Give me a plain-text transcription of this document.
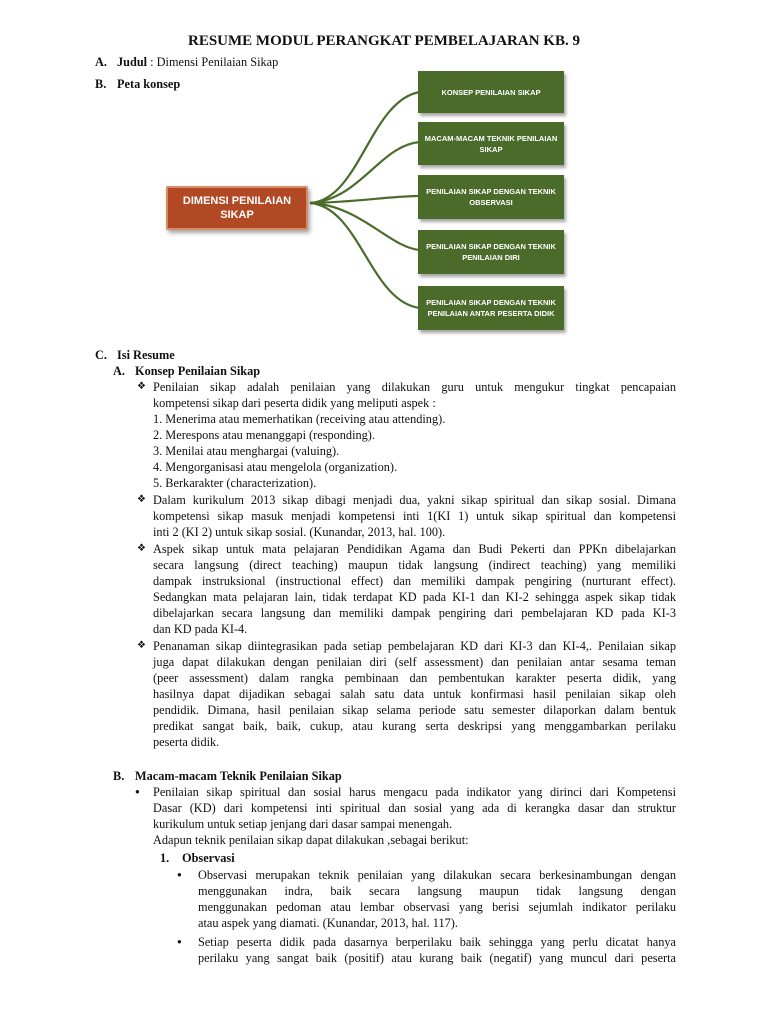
RESUME MODUL PERANGKAT PEMBELAJARAN KB. 9
A. Judul : Dimensi Penilaian Sikap
B. Peta konsep
DIMENSI PENILAIAN SIKAP
KONSEP PENILAIAN SIKAP
MACAM-MACAM TEKNIK PENILAIAN SIKAP
PENILAIAN SIKAP DENGAN TEKNIK OBSERVASI
PENILAIAN SIKAP DENGAN TEKNIK PENILAIAN DIRI
PENILAIAN SIKAP DENGAN TEKNIK PENILAIAN ANTAR PESERTA DIDIK
C. Isi Resume
A. Konsep Penilaian Sikap
❖ Penilaian sikap adalah penilaian yang dilakukan guru untuk mengukur tingkat pencapaian
kompetensi sikap dari peserta didik yang meliputi aspek :
1. Menerima atau memerhatikan (receiving atau attending).
2. Merespons atau menanggapi (responding).
3. Menilai atau menghargai (valuing).
4. Mengorganisasi atau mengelola (organization).
5. Berkarakter (characterization).
❖ Dalam kurikulum 2013 sikap dibagi menjadi dua, yakni sikap spiritual dan sikap sosial. Dimana
kompetensi sikap masuk menjadi kompetensi inti 1(KI 1) untuk sikap spiritual dan kompetensi
inti 2 (KI 2) untuk sikap sosial. (Kunandar, 2013, hal. 100).
❖ Aspek sikap untuk mata pelajaran Pendidikan Agama dan Budi Pekerti dan PPKn dibelajarkan
secara langsung (direct teaching) maupun tidak langsung (indirect teaching) yang memiliki
dampak instruksional (instructional effect) dan memiliki dampak pengiring (nurturant effect).
Sedangkan mata pelajaran lain, tidak terdapat KD pada KI-1 dan KI-2 sehingga aspek sikap tidak
dibelajarkan secara langsung dan memiliki dampak pengiring dari pembelajaran KD pada KI-3
dan KD pada KI-4.
❖ Penanaman sikap diintegrasikan pada setiap pembelajaran KD dari KI-3 dan KI-4,. Penilaian sikap
juga dapat dilakukan dengan penilaian diri (self assessment) dan penilaian antar sesama teman
(peer assessment) dalam rangka pembinaan dan pembentukan karakter peserta didik, yang
hasilnya dapat dijadikan sebagai salah satu data untuk konfirmasi hasil penilaian sikap oleh
pendidik. Dimana, hasil penilaian sikap selama periode satu semester dilaporkan dalam bentuk
predikat sangat baik, baik, cukup, atau kurang serta deskripsi yang menggambarkan perilaku
peserta didik.
B. Macam-macam Teknik Penilaian Sikap
● Penilaian sikap spiritual dan sosial harus mengacu pada indikator yang dirinci dari Kompetensi
Dasar (KD) dari kompetensi inti spiritual dan sosial yang ada di kerangka dasar dan struktur
kurikulum untuk setiap jenjang dari dasar sampai menengah.
Adapun teknik penilaian sikap dapat dilakukan ,sebagai berikut:
1. Observasi
● Observasi merupakan teknik penilaian yang dilakukan secara berkesinambungan dengan
menggunakan indra, baik secara langsung maupun tidak langsung dengan
menggunakan pedoman atau lembar observasi yang berisi sejumlah indikator perilaku
atau aspek yang diamati. (Kunandar, 2013, hal. 117).
● Setiap peserta didik pada dasarnya berperilaku baik sehingga yang perlu dicatat hanya
perilaku yang sangat baik (positif) atau kurang baik (negatif) yang muncul dari peserta
